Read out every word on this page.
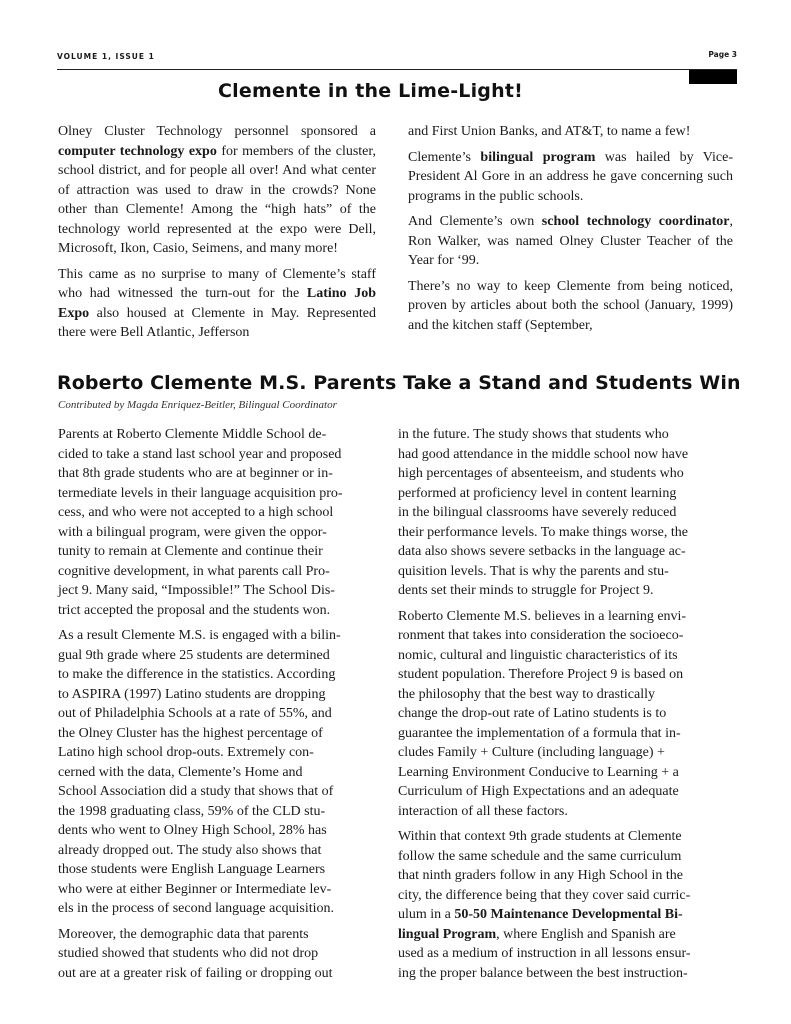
VOLUME 1, ISSUE 1	Page 3
Clemente in the Lime-Light!

Olney Cluster Technology personnel sponsored a computer technology expo for members of the cluster, school district, and for people all over! And what center of attraction was used to draw in the crowds? None other than Clemente! Among the “high hats” of the technology world represented at the expo were Dell, Microsoft, Ikon, Casio, Seimens, and many more!

This came as no surprise to many of Clemente’s staff who had witnessed the turn-out for the Latino Job Expo also housed at Clemente in May. Represented there were Bell Atlantic, Jefferson

and First Union Banks, and AT&T, to name a few!

Clemente’s bilingual program was hailed by Vice-President Al Gore in an address he gave concerning such programs in the public schools.

And Clemente’s own school technology coordinator, Ron Walker, was named Olney Cluster Teacher of the Year for ‘99.

There’s no way to keep Clemente from being noticed, proven by articles about both the school (January, 1999) and the kitchen staff (September,

Roberto Clemente M.S. Parents Take a Stand and Students Win
Contributed by Magda Enriquez-Beitler, Bilingual Coordinator

Parents at Roberto Clemente Middle School de-
cided to take a stand last school year and proposed
that 8th grade students who are at beginner or in-
termediate levels in their language acquisition pro-
cess, and who were not accepted to a high school
with a bilingual program, were given the oppor-
tunity to remain at Clemente and continue their
cognitive development, in what parents call Pro-
ject 9. Many said, “Impossible!” The School Dis-
trict accepted the proposal and the students won.

As a result Clemente M.S. is engaged with a bilin-
gual 9th grade where 25 students are determined
to make the difference in the statistics. According
to ASPIRA (1997) Latino students are dropping
out of Philadelphia Schools at a rate of 55%, and
the Olney Cluster has the highest percentage of
Latino high school drop-outs. Extremely con-
cerned with the data, Clemente’s Home and
School Association did a study that shows that of
the 1998 graduating class, 59% of the CLD stu-
dents who went to Olney High School, 28% has
already dropped out. The study also shows that
those students were English Language Learners
who were at either Beginner or Intermediate lev-
els in the process of second language acquisition.

Moreover, the demographic data that parents
studied showed that students who did not drop
out are at a greater risk of failing or dropping out

in the future. The study shows that students who
had good attendance in the middle school now have
high percentages of absenteeism, and students who
performed at proficiency level in content learning
in the bilingual classrooms have severely reduced
their performance levels. To make things worse, the
data also shows severe setbacks in the language ac-
quisition levels. That is why the parents and stu-
dents set their minds to struggle for Project 9.

Roberto Clemente M.S. believes in a learning envi-
ronment that takes into consideration the socioeco-
nomic, cultural and linguistic characteristics of its
student population. Therefore Project 9 is based on
the philosophy that the best way to drastically
change the drop-out rate of Latino students is to
guarantee the implementation of a formula that in-
cludes Family + Culture (including language) +
Learning Environment Conducive to Learning + a
Curriculum of High Expectations and an adequate
interaction of all these factors.

Within that context 9th grade students at Clemente
follow the same schedule and the same curriculum
that ninth graders follow in any High School in the
city, the difference being that they cover said curric-
ulum in a 50-50 Maintenance Developmental Bi-
lingual Program, where English and Spanish are
used as a medium of instruction in all lessons ensur-
ing the proper balance between the best instruction-
